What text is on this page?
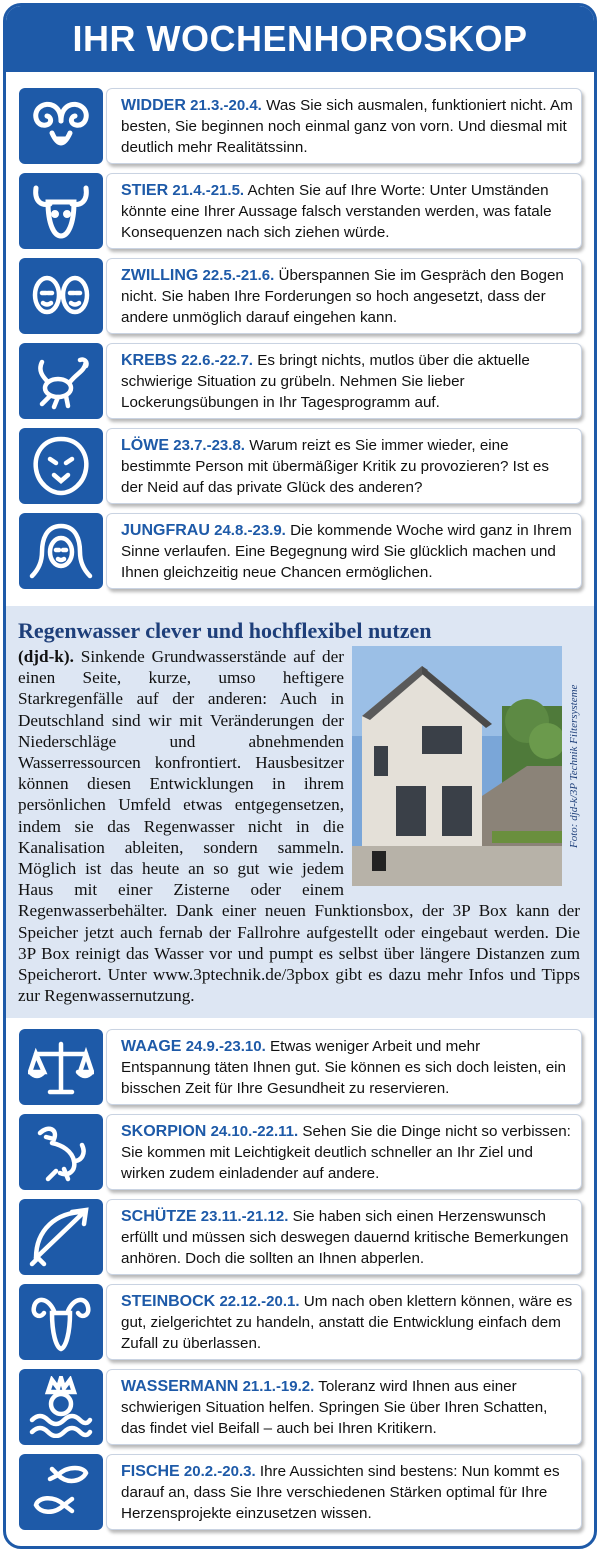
IHR WOCHENHOROSKOP
WIDDER 21.3.-20.4. Was Sie sich ausmalen, funktioniert nicht. Am besten, Sie beginnen noch einmal ganz von vorn. Und diesmal mit deutlich mehr Realitätssinn.
STIER 21.4.-21.5. Achten Sie auf Ihre Worte: Unter Umständen könnte eine Ihrer Aussage falsch verstanden werden, was fatale Konsequenzen nach sich ziehen würde.
ZWILLING 22.5.-21.6. Überspannen Sie im Gespräch den Bogen nicht. Sie haben Ihre Forderungen so hoch angesetzt, dass der andere unmöglich darauf eingehen kann.
KREBS 22.6.-22.7. Es bringt nichts, mutlos über die aktuelle schwierige Situation zu grübeln. Nehmen Sie lieber Lockerungsübungen in Ihr Tagesprogramm auf.
LÖWE 23.7.-23.8. Warum reizt es Sie immer wieder, eine bestimmte Person mit übermäßiger Kritik zu provozieren? Ist es der Neid auf das private Glück des anderen?
JUNGFRAU 24.8.-23.9. Die kommende Woche wird ganz in Ihrem Sinne verlaufen. Eine Begegnung wird Sie glücklich machen und Ihnen gleichzeitig neue Chancen ermöglichen.
Regenwasser clever und hochflexibel nutzen
Foto: djd-k/3P Technik Filtersysteme
(djd-k). Sinkende Grundwasserstände auf der einen Seite, kurze, umso heftigere Starkregenfälle auf der anderen: Auch in Deutschland sind wir mit Veränderungen der Niederschläge und abnehmenden Wasserressourcen konfrontiert. Hausbesitzer können diesen Entwicklungen in ihrem persönlichen Umfeld etwas entgegensetzen, indem sie das Regenwasser nicht in die Kanalisation ableiten, sondern sammeln. Möglich ist das heute an so gut wie jedem Haus mit einer Zisterne oder einem Regenwasserbehälter. Dank einer neuen Funktionsbox, der 3P Box kann der Speicher jetzt auch fernab der Fallrohre aufgestellt oder eingebaut werden. Die 3P Box reinigt das Wasser vor und pumpt es selbst über längere Distanzen zum Speicherort. Unter www.3ptechnik.de/3pbox gibt es dazu mehr Infos und Tipps zur Regenwassernutzung.
WAAGE 24.9.-23.10. Etwas weniger Arbeit und mehr Entspannung täten Ihnen gut. Sie können es sich doch leisten, ein bisschen Zeit für Ihre Gesundheit zu reservieren.
SKORPION 24.10.-22.11. Sehen Sie die Dinge nicht so verbissen: Sie kommen mit Leichtigkeit deutlich schneller an Ihr Ziel und wirken zudem einladender auf andere.
SCHÜTZE 23.11.-21.12. Sie haben sich einen Herzenswunsch erfüllt und müssen sich deswegen dauernd kritische Bemerkungen anhören. Doch die sollten an Ihnen abperlen.
STEINBOCK 22.12.-20.1. Um nach oben klettern können, wäre es gut, zielgerichtet zu handeln, anstatt die Entwicklung einfach dem Zufall zu überlassen.
WASSERMANN 21.1.-19.2. Toleranz wird Ihnen aus einer schwierigen Situation helfen. Springen Sie über Ihren Schatten, das findet viel Beifall – auch bei Ihren Kritikern.
FISCHE 20.2.-20.3. Ihre Aussichten sind bestens: Nun kommt es darauf an, dass Sie Ihre verschiedenen Stärken optimal für Ihre Herzensprojekte einzusetzen wissen.
